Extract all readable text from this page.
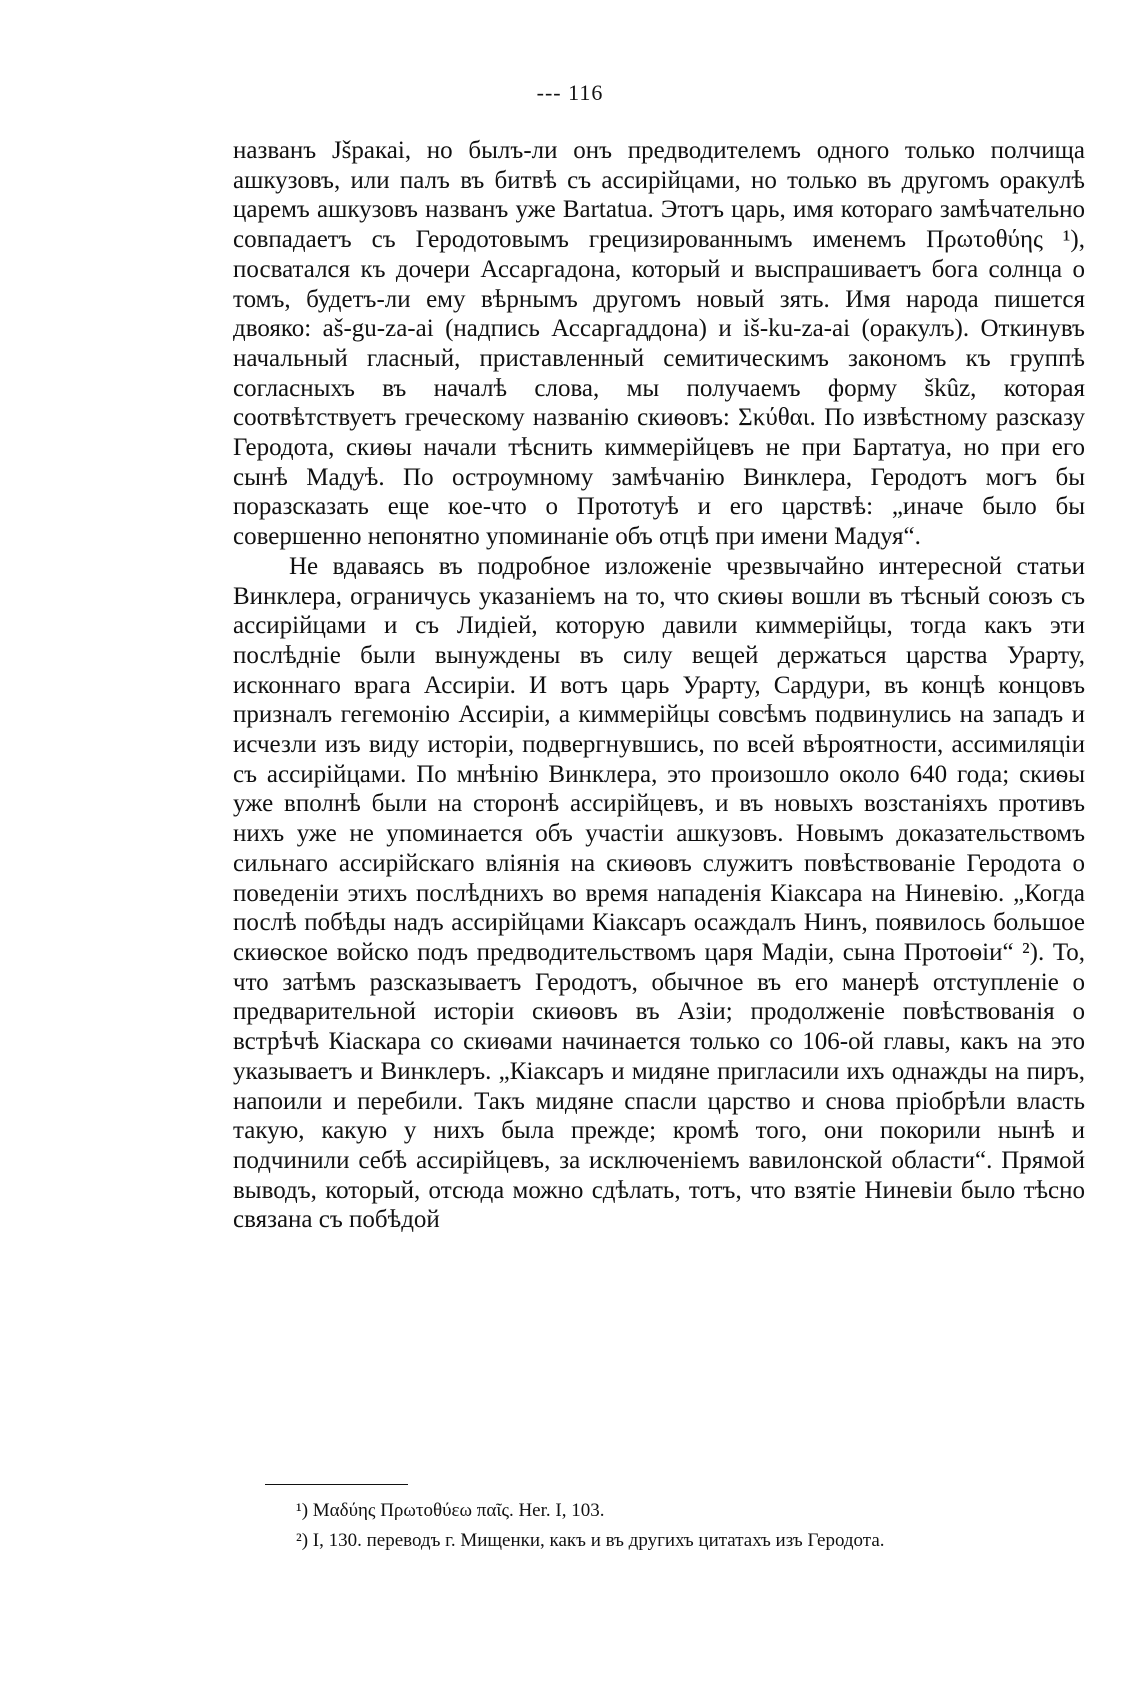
--- 116

названъ Jšракаі, но былъ-ли онъ предводителемъ одного только полчища ашкузовъ, или палъ въ битвѣ съ ассирійцами, но только въ другомъ оракулѣ царемъ ашкузовъ названъ уже Bartatua. Этотъ царь, имя котораго замѣчательно совпадаетъ съ Геродотовымъ грецизированнымъ именемъ Πρωτοθύης ¹), посватался къ дочери Ассаргадона, который и выспрашиваетъ бога солнца о томъ, будетъ-ли ему вѣрнымъ другомъ новый зять. Имя народа пишется двояко: aš-gu-za-ai (надпись Ассаргаддона) и iš-ku-za-ai (оракулъ). Откинувъ начальный гласный, приставленный семитическимъ закономъ къ группѣ согласныхъ въ началѣ слова, мы получаемъ форму škûz, которая соотвѣтствуетъ греческому названію скиѳовъ: Σκύθαι. По извѣстному разсказу Геродота, скиѳы начали тѣснить киммерійцевъ не при Бартатуа, но при его сынѣ Мадуѣ. По остроумному замѣчанію Винклера, Геродотъ могъ бы поразсказать еще кое-что о Прототуѣ и его царствѣ: „иначе было бы совершенно непонятно упоминаніе объ отцѣ при имени Мадуя“.

Не вдаваясь въ подробное изложеніе чрезвычайно интересной статьи Винклера, ограничусь указаніемъ на то, что скиѳы вошли въ тѣсный союзъ съ ассирійцами и съ Лидіей, которую давили киммерійцы, тогда какъ эти послѣдніе были вынуждены въ силу вещей держаться царства Урарту, исконнаго врага Ассиріи. И вотъ царь Урарту, Сардури, въ концѣ концовъ призналъ гегемонію Ассиріи, а киммерійцы совсѣмъ подвинулись на западъ и исчезли изъ виду исторіи, подвергнувшись, по всей вѣроятности, ассимиляціи съ ассирійцами. По мнѣнію Винклера, это произошло около 640 года; скиѳы уже вполнѣ были на сторонѣ ассирійцевъ, и въ новыхъ возстаніяхъ противъ нихъ уже не упоминается объ участіи ашкузовъ. Новымъ доказательствомъ сильнаго ассирійскаго вліянія на скиѳовъ служитъ повѣствованіе Геродота о поведеніи этихъ послѣднихъ во время нападенія Кіаксара на Ниневію. „Когда послѣ побѣды надъ ассирійцами Кіаксаръ осаждалъ Нинъ, появилось большое скиѳское войско подъ предводительствомъ царя Мадіи, сына Протоѳіи“ ²). То, что затѣмъ разсказываетъ Геродотъ, обычное въ его манерѣ отступленіе о предварительной исторіи скиѳовъ въ Азіи; продолженіе повѣствованія о встрѣчѣ Кіаскара со скиѳами начинается только со 106-ой главы, какъ на это указываетъ и Винклеръ. „Кіаксаръ и мидяне пригласили ихъ однажды на пиръ, напоили и перебили. Такъ мидяне спасли царство и снова пріобрѣли власть такую, какую у нихъ была прежде; кромѣ того, они покорили нынѣ и подчинили себѣ ассирійцевъ, за исключеніемъ вавилонской области“. Прямой выводъ, который, отсюда можно сдѣлать, тотъ, что взятіе Ниневіи было тѣсно связана съ побѣдой

¹) Μαδύης Πρωτοθύεω παῖς. Her. I, 103.

²) I, 130. переводъ г. Мищенки, какъ и въ другихъ цитатахъ изъ Геродота.
